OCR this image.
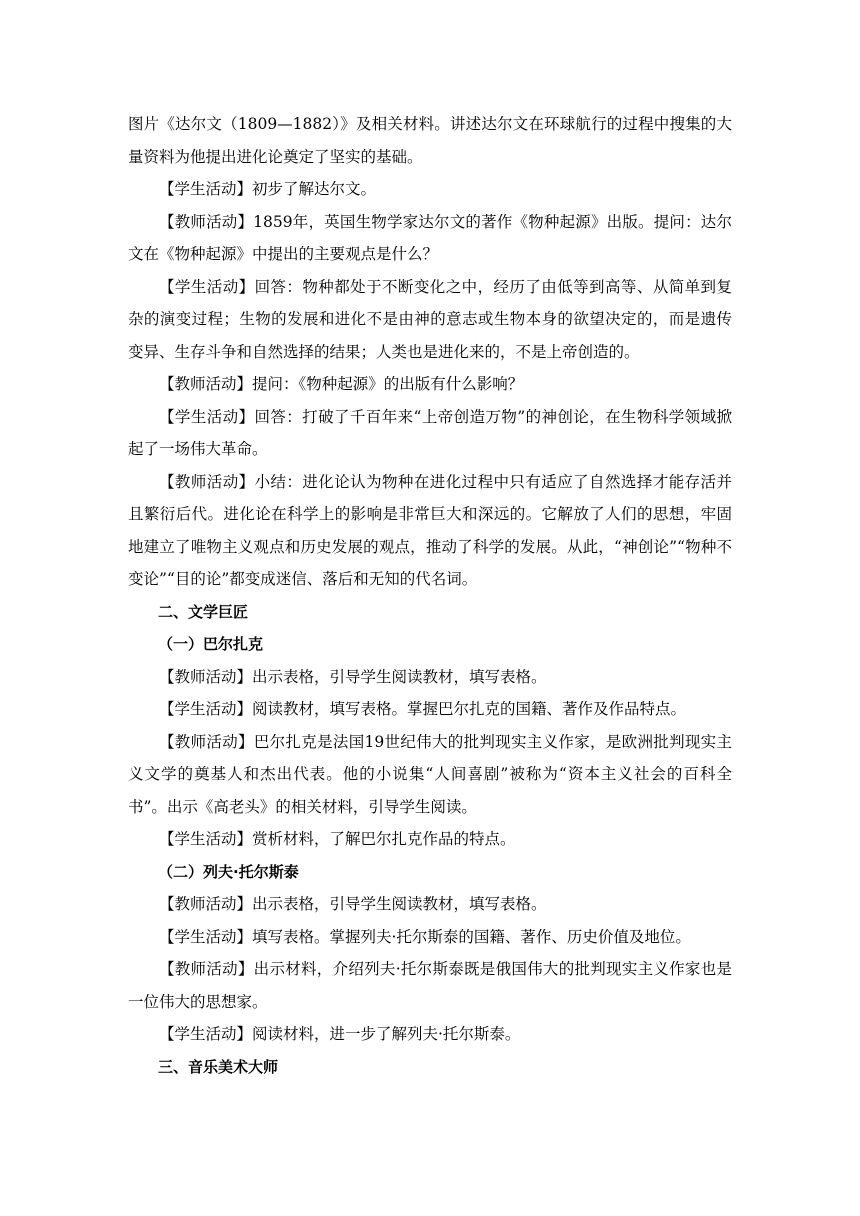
图片《达尔文（1809—1882）》及相关材料。讲述达尔文在环球航行的过程中搜集的大量资料为他提出进化论奠定了坚实的基础。

【学生活动】初步了解达尔文。

【教师活动】1859年，英国生物学家达尔文的著作《物种起源》出版。提问：达尔文在《物种起源》中提出的主要观点是什么？

【学生活动】回答：物种都处于不断变化之中，经历了由低等到高等、从简单到复杂的演变过程；生物的发展和进化不是由神的意志或生物本身的欲望决定的，而是遗传变异、生存斗争和自然选择的结果；人类也是进化来的，不是上帝创造的。

【教师活动】提问：《物种起源》的出版有什么影响？

【学生活动】回答：打破了千百年来“上帝创造万物”的神创论，在生物科学领域掀起了一场伟大革命。

【教师活动】小结：进化论认为物种在进化过程中只有适应了自然选择才能存活并且繁衍后代。进化论在科学上的影响是非常巨大和深远的。它解放了人们的思想，牢固地建立了唯物主义观点和历史发展的观点，推动了科学的发展。从此，“神创论”“物种不变论”“目的论”都变成迷信、落后和无知的代名词。

二、文学巨匠

（一）巴尔扎克

【教师活动】出示表格，引导学生阅读教材，填写表格。

【学生活动】阅读教材，填写表格。掌握巴尔扎克的国籍、著作及作品特点。

【教师活动】巴尔扎克是法国19世纪伟大的批判现实主义作家，是欧洲批判现实主义文学的奠基人和杰出代表。他的小说集“人间喜剧”被称为“资本主义社会的百科全书”。出示《高老头》的相关材料，引导学生阅读。

【学生活动】赏析材料，了解巴尔扎克作品的特点。

（二）列夫·托尔斯泰

【教师活动】出示表格，引导学生阅读教材，填写表格。

【学生活动】填写表格。掌握列夫·托尔斯泰的国籍、著作、历史价值及地位。

【教师活动】出示材料，介绍列夫·托尔斯泰既是俄国伟大的批判现实主义作家也是一位伟大的思想家。

【学生活动】阅读材料，进一步了解列夫·托尔斯泰。

三、音乐美术大师
